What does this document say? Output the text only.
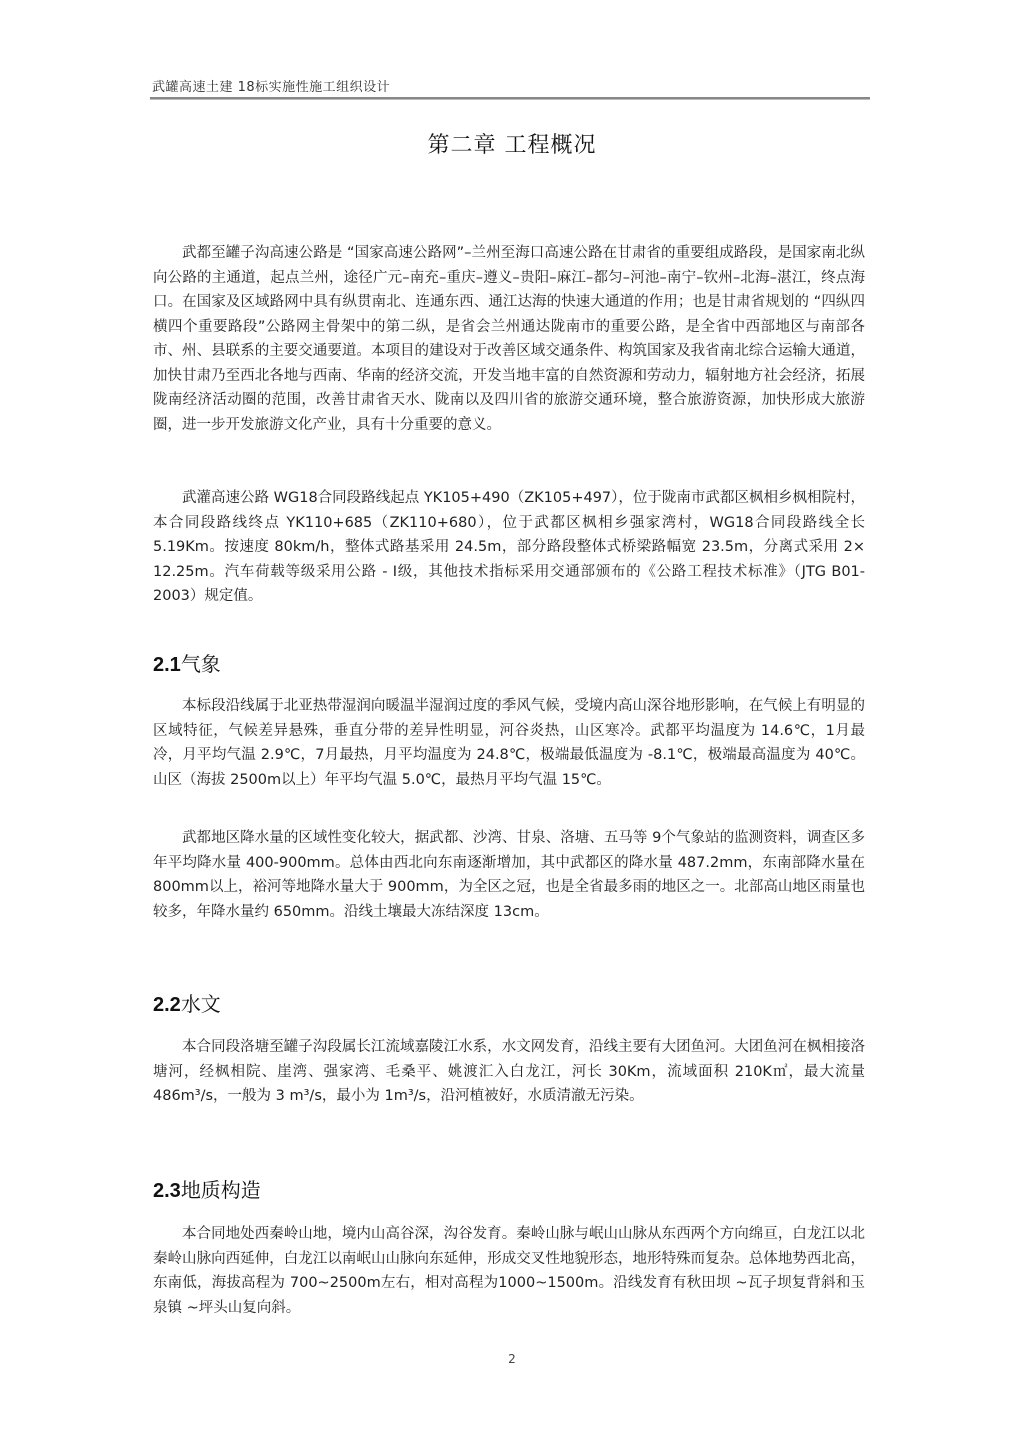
武罐高速土建 18标实施性施工组织设计
第二章 工程概况

武都至罐子沟高速公路是 “国家高速公路网”–兰州至海口高速公路在甘肃省的重要组成路段，是国家南北纵向公路的主通道，起点兰州，途径广元–南充–重庆–遵义–贵阳–麻江–都匀–河池–南宁–钦州–北海–湛江，终点海口。在国家及区域路网中具有纵贯南北、连通东西、通江达海的快速大通道的作用；也是甘肃省规划的 “四纵四横四个重要路段”公路网主骨架中的第二纵，是省会兰州通达陇南市的重要公路，是全省中西部地区与南部各市、州、县联系的主要交通要道。本项目的建设对于改善区域交通条件、构筑国家及我省南北综合运输大通道，加快甘肃乃至西北各地与西南、华南的经济交流，开发当地丰富的自然资源和劳动力，辐射地方社会经济，拓展陇南经济活动圈的范围，改善甘肃省天水、陇南以及四川省的旅游交通环境，整合旅游资源，加快形成大旅游圈，进一步开发旅游文化产业，具有十分重要的意义。

武灌高速公路 WG18合同段路线起点 YK105+490（ZK105+497），位于陇南市武都区枫相乡枫相院村，本合同段路线终点 YK110+685（ZK110+680），位于武都区枫相乡强家湾村，WG18合同段路线全长 5.19Km。按速度 80km/h，整体式路基采用 24.5m，部分路段整体式桥梁路幅宽 23.5m，分离式采用 2× 12.25m。汽车荷载等级采用公路 - Ⅰ级，其他技术指标采用交通部颁布的《公路工程技术标准》（JTG B01-2003）规定值。

2.1气象

本标段沿线属于北亚热带湿润向暖温半湿润过度的季风气候，受境内高山深谷地形影响，在气候上有明显的区域特征，气候差异悬殊，垂直分带的差异性明显，河谷炎热，山区寒冷。武都平均温度为 14.6℃，1月最冷，月平均气温 2.9℃，7月最热，月平均温度为 24.8℃，极端最低温度为 -8.1℃，极端最高温度为 40℃。山区（海拔 2500m以上）年平均气温 5.0℃，最热月平均气温 15℃。

武都地区降水量的区域性变化较大，据武都、沙湾、甘泉、洛塘、五马等 9个气象站的监测资料，调查区多年平均降水量 400-900mm。总体由西北向东南逐渐增加，其中武都区的降水量 487.2mm，东南部降水量在 800mm以上，裕河等地降水量大于 900mm，为全区之冠，也是全省最多雨的地区之一。北部高山地区雨量也较多，年降水量约 650mm。沿线土壤最大冻结深度 13cm。

2.2水文

本合同段洛塘至罐子沟段属长江流域嘉陵江水系，水文网发育，沿线主要有大团鱼河。大团鱼河在枫相接洛塘河，经枫相院、崖湾、强家湾、毛桑平、姚渡汇入白龙江，河长 30Km，流域面积 210K㎡，最大流量 486m³/s，一般为 3 m³/s，最小为 1m³/s，沿河植被好，水质清澈无污染。

2.3地质构造

本合同地处西秦岭山地，境内山高谷深，沟谷发育。秦岭山脉与岷山山脉从东西两个方向绵亘，白龙江以北秦岭山脉向西延伸，白龙江以南岷山山脉向东延伸，形成交叉性地貌形态，地形特殊而复杂。总体地势西北高，东南低，海拔高程为 700~2500m左右，相对高程为1000~1500m。沿线发育有秋田坝 ~瓦子坝复背斜和玉泉镇 ~坪头山复向斜。

2
